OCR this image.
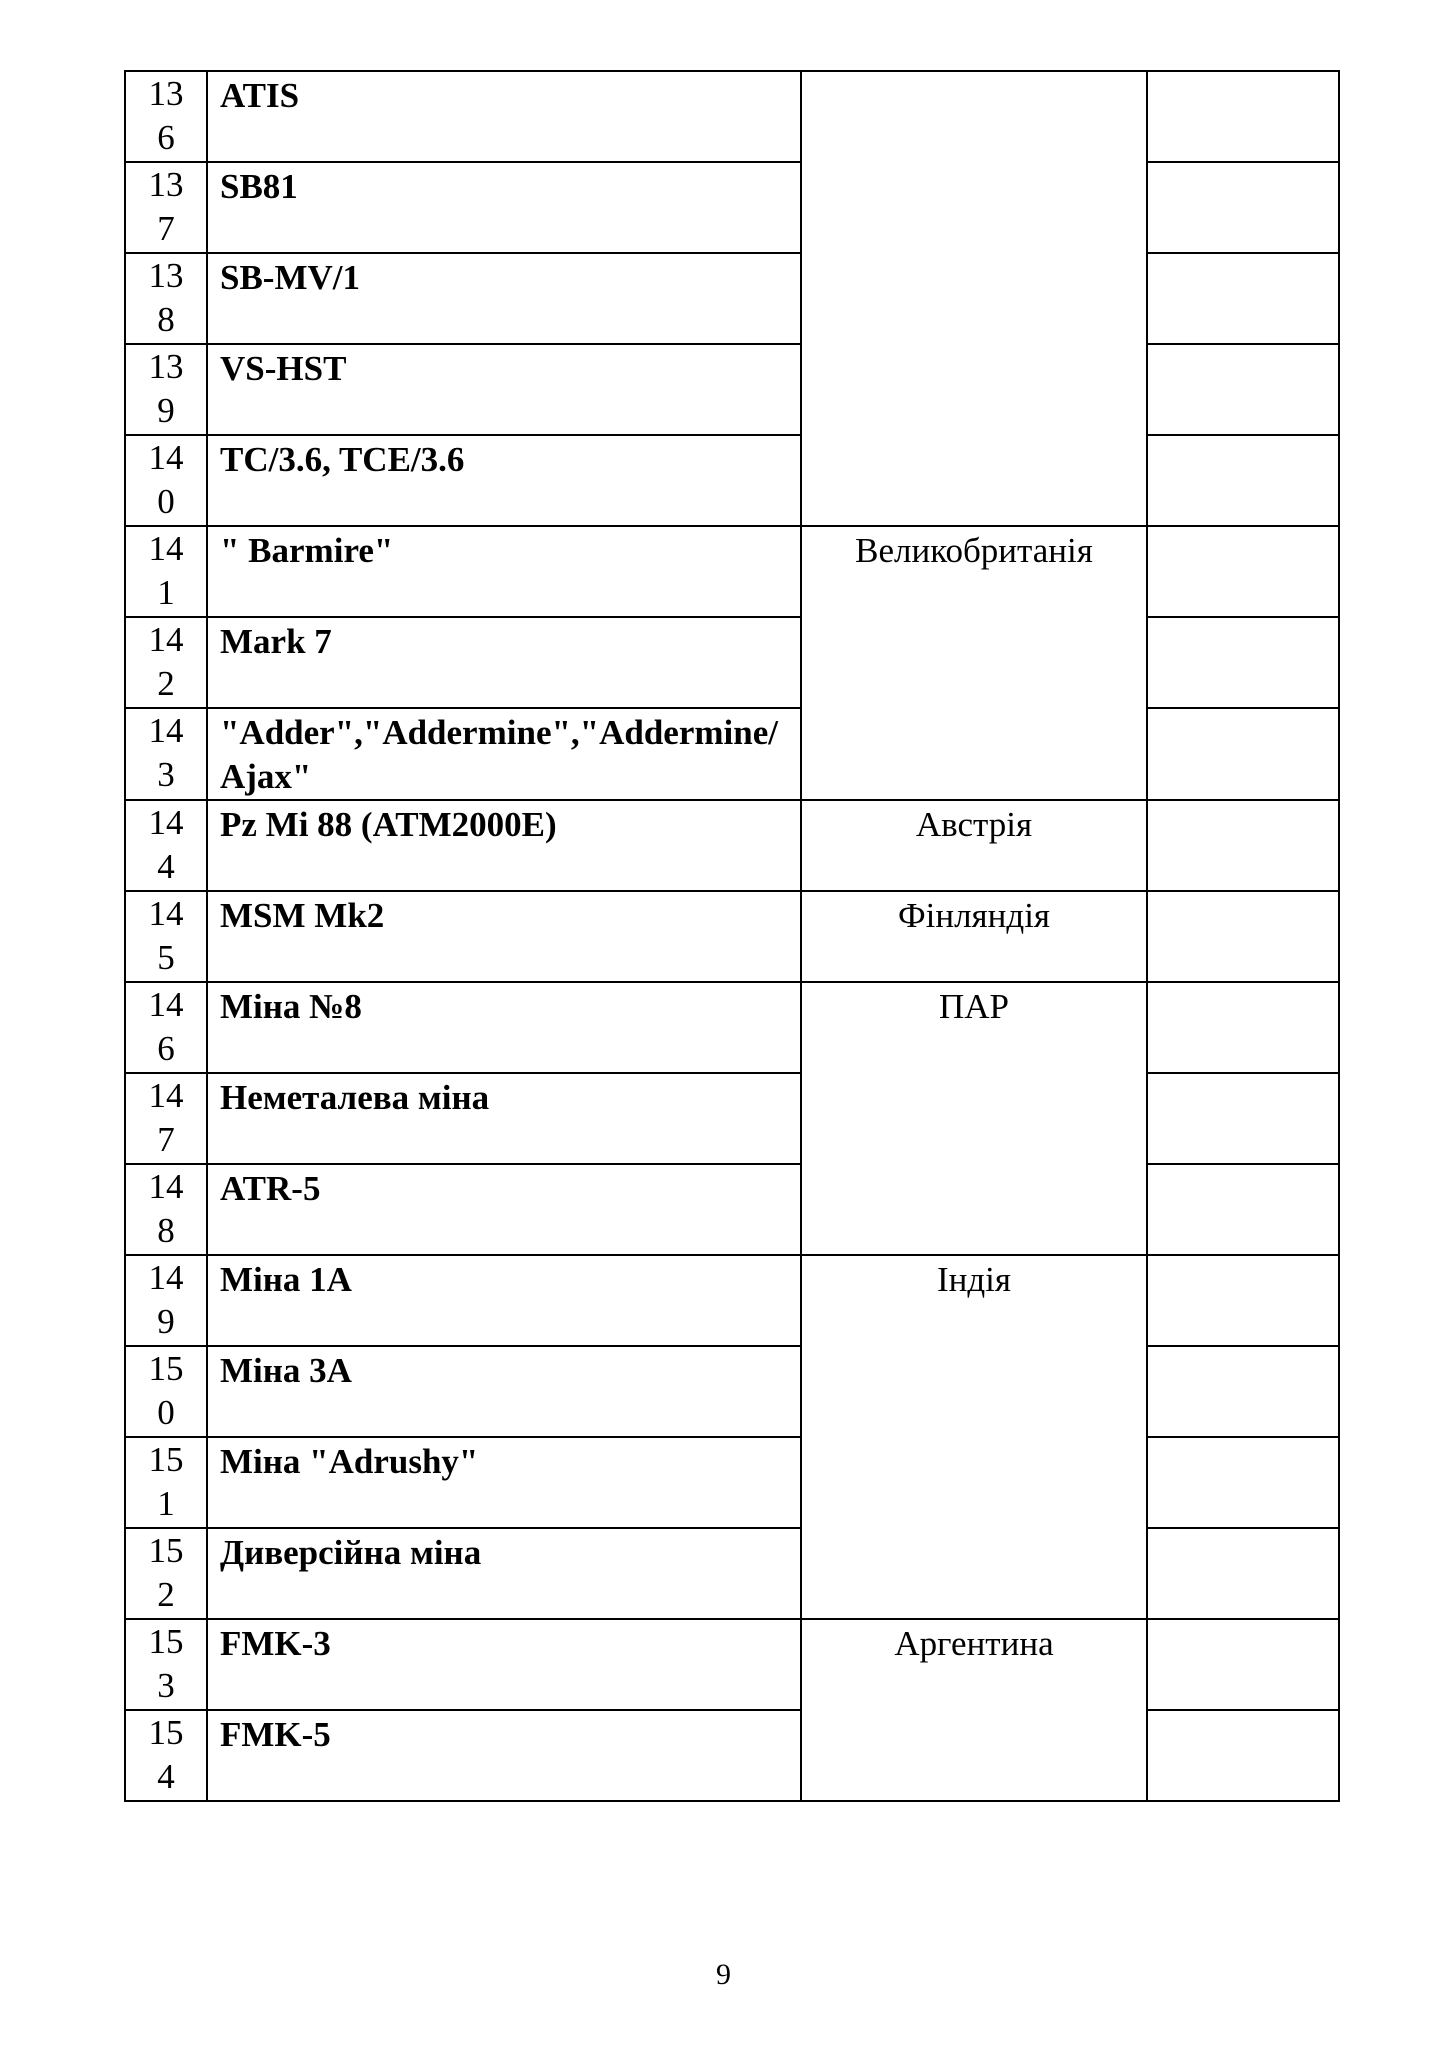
136	ATIS		

137	SB81		

138	SB-MV/1		

139	VS-HST		

140	TC/3.6, TCE/3.6		

141	" Barmire"	Великобританія	

142	Mark 7		

143	"Adder","Addermine","Addermine/Ajax"		

144	Pz Mi 88 (ATM2000E)	Австрія	

145	MSM Mk2	Фінляндія	

146	Міна №8	ПАР	

147	Неметалева міна		

148	ATR-5		

149	Міна 1А	Індія	

150	Міна 3А		

151	Міна "Adrushy"		

152	Диверсійна міна		

153	FMK-3	Аргентина	

154	FMK-5		
9
